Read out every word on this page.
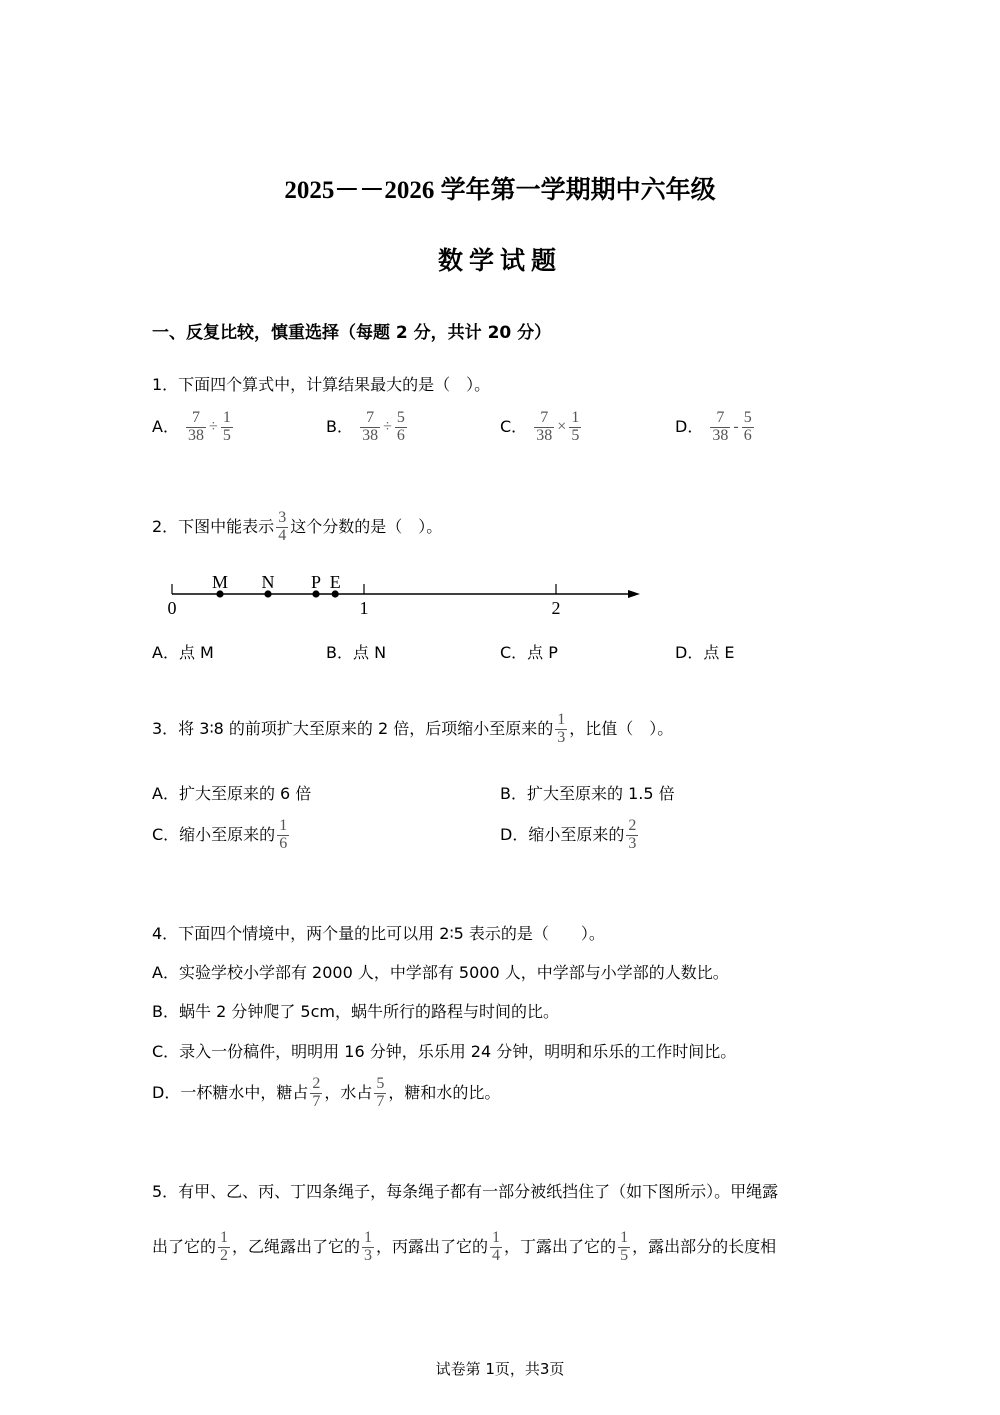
2025－－2026 学年第一学期期中六年级
数学试题
一、反复比较，慎重选择（每题 2 分，共计 20 分）
1．下面四个算式中，计算结果最大的是（　）。
A． $\frac{7}{38} \div \frac{1}{5}$	B． $\frac{7}{38} \div \frac{5}{6}$	C． $\frac{7}{38} \times \frac{1}{5}$	D． $\frac{7}{38} - \frac{5}{6}$
2．下图中能表示 $\frac{3}{4}$ 这个分数的是（　）。
0	1	2
M N P E
A．点 M	B．点 N	C．点 P	D．点 E
3．将 3∶8 的前项扩大至原来的 2 倍，后项缩小至原来的 $\frac{1}{3}$ ，比值（　）。
A．扩大至原来的 6 倍	B．扩大至原来的 1.5 倍
C．缩小至原来的 $\frac{1}{6}$	D．缩小至原来的 $\frac{2}{3}$
4．下面四个情境中，两个量的比可以用 2∶5 表示的是（　　）。
A．实验学校小学部有 2000 人，中学部有 5000 人，中学部与小学部的人数比。
B．蜗牛 2 分钟爬了 5cm，蜗牛所行的路程与时间的比。
C．录入一份稿件，明明用 16 分钟，乐乐用 24 分钟，明明和乐乐的工作时间比。
D．一杯糖水中，糖占 $\frac{2}{7}$ ，水占 $\frac{5}{7}$ ，糖和水的比。
5．有甲、乙、丙、丁四条绳子，每条绳子都有一部分被纸挡住了（如下图所示）。甲绳露
出了它的 $\frac{1}{2}$ ，乙绳露出了它的 $\frac{1}{3}$ ，丙露出了它的 $\frac{1}{4}$ ，丁露出了它的 $\frac{1}{5}$ ，露出部分的长度相
试卷第 1页，共3页
